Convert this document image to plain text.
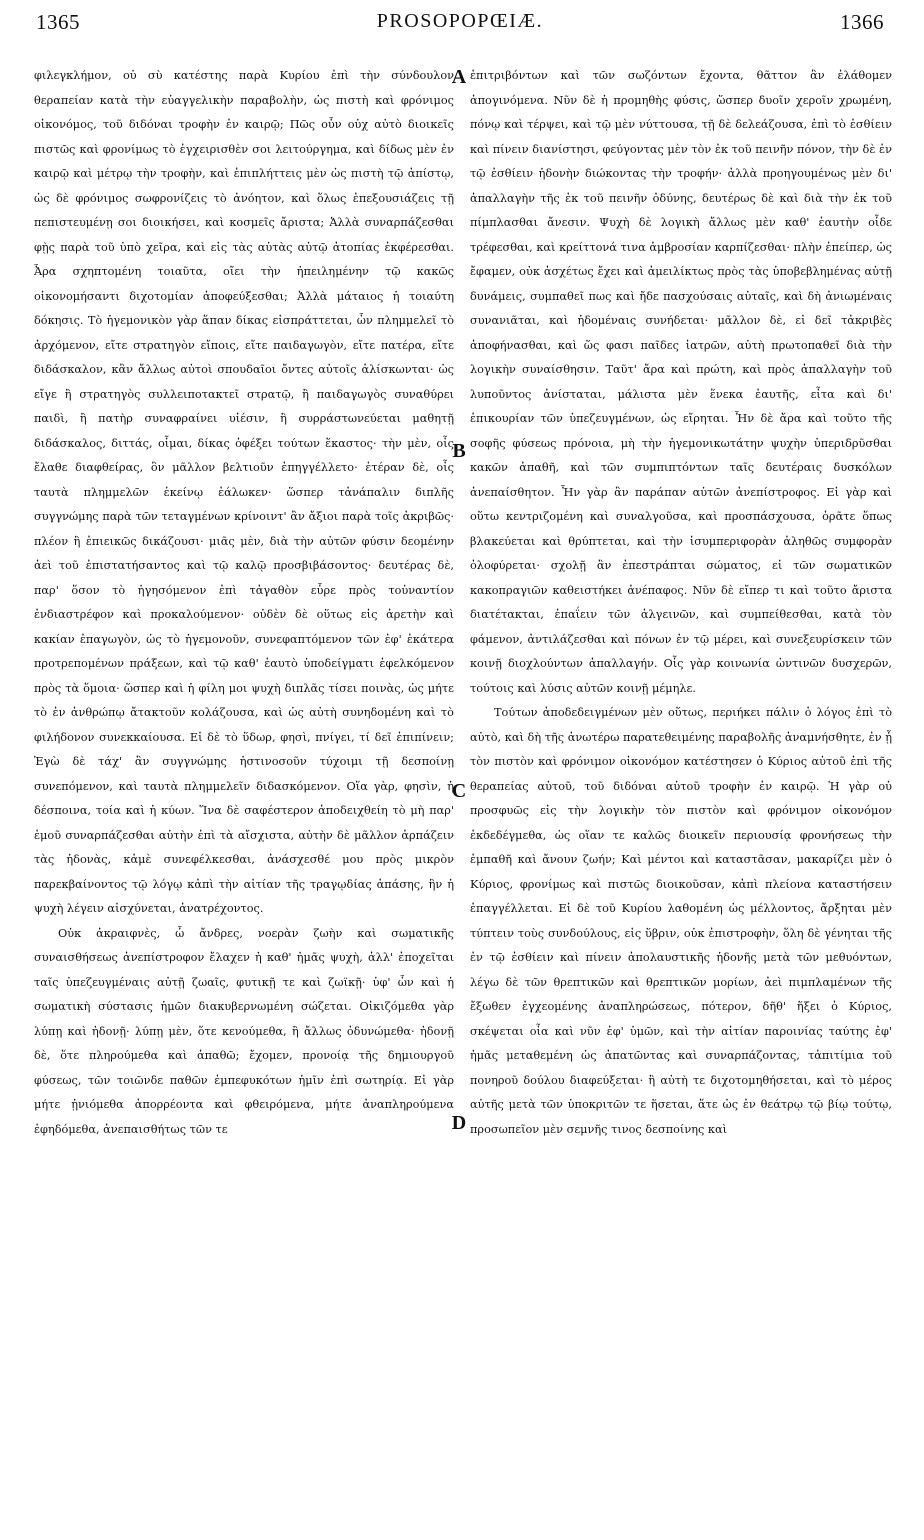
1365	PROSOPOPŒIÆ.	1366

φιλεγκλήμον, οὐ σὺ κατέστης παρὰ Κυρίου ἐπὶ τὴν σύνδουλον θεραπείαν κατὰ τὴν εὐαγγελικὴν παραβολὴν, ὡς πιστὴ καὶ φρόνιμος οἰκονόμος, τοῦ διδόναι τροφὴν ἐν καιρῷ; Πῶς οὖν οὐχ αὐτὸ διοικεῖς πιστῶς καὶ φρονίμως τὸ ἐγχειρισθὲν σοι λειτούργημα, καὶ δίδως μὲν ἐν καιρῷ καὶ μέτρῳ τὴν τροφὴν, καὶ ἐπιπλήττεις μὲν ὡς πιστὴ τῷ ἀπίστῳ, ὡς δὲ φρόνιμος σωφρονίζεις τὸ ἀνόητον, καὶ ὅλως ἐπεξουσιάζεις τῇ πεπιστευμένῃ σοι διοικήσει, καὶ κοσμεῖς ἄριστα; Ἀλλὰ συναρπάζεσθαι φῂς παρὰ τοῦ ὑπὸ χεῖρα, καὶ εἰς τὰς αὐτὰς αὐτῷ ἀτοπίας ἐκφέρεσθαι. Ἆρα σχηπτομένη τοιαῦτα, οἴει τὴν ἠπειλημένην τῷ κακῶς οἰκονομήσαντι διχοτομίαν ἀποφεύξεσθαι; Ἀλλὰ μάταιος ἡ τοιαύτη δόκησις. Τὸ ἡγεμονικὸν γὰρ ἅπαν δίκας εἰσπράττεται, ὧν πλημμελεῖ τὸ ἀρχόμενον, εἴτε στρατηγὸν εἴποις, εἴτε παιδαγωγὸν, εἴτε πατέρα, εἴτε διδάσκαλον, κἂν ἄλλως αὐτοὶ σπουδαῖοι ὄντες αὐτοῖς ἁλίσκωνται· ὡς εἴγε ἢ στρατηγὸς συλλειποτακτεῖ στρατῷ, ἢ παιδαγωγὸς συναθύρει παιδὶ, ἢ πατὴρ συναφραίνει υἱέσιν, ἢ συρράστωνεύεται μαθητῇ διδάσκαλος, διττάς, οἶμαι, δίκας ὀφέξει τούτων ἕκαστος· τὴν μὲν, οἷς ἔλαθε διαφθείρας, ὃν μᾶλλον βελτιοῦν ἐπηγγέλλετο· ἑτέραν δὲ, οἷς ταυτὰ πλημμελῶν ἐκείνῳ ἑάλωκεν· ὥσπερ τἀνάπαλιν διπλῆς συγγνώμης παρὰ τῶν τεταγμένων κρίνοιντ' ἂν ἄξιοι παρὰ τοῖς ἀκριβῶς· πλέον ἢ ἐπιεικῶς δικάζουσι· μιᾶς μὲν, διὰ τὴν αὐτῶν φύσιν δεομένην ἀεὶ τοῦ ἐπιστατήσαντος καὶ τῷ καλῷ προσβιβάσοντος· δευτέρας δὲ, παρ' ὅσον τὸ ἡγησόμενον ἐπὶ τἀγαθὸν εὗρε πρὸς τοὐναντίον ἐνδιαστρέφον καὶ προκαλούμενον· οὐδὲν δὲ οὕτως εἰς ἀρετὴν καὶ κακίαν ἐπαγωγὸν, ὡς τὸ ἡγεμονοῦν, συνεφαπτόμενον τῶν ἐφ' ἑκάτερα προτρεπομένων πράξεων, καὶ τῷ καθ' ἑαυτὸ ὑποδείγματι ἐφελκόμενον πρὸς τὰ ὅμοια· ὥσπερ καὶ ἡ φίλη μοι ψυχὴ διπλᾶς τίσει ποινὰς, ὡς μήτε τὸ ἐν ἀνθρώπῳ ἄτακτοῦν κολάζουσα, καὶ ὡς αὐτὴ συνηδομένη καὶ τὸ φιλήδονον συνεκκαίουσα. Εἰ δὲ τὸ ὕδωρ, φησὶ, πνίγει, τί δεῖ ἐπιπίνειν; Ἐγὼ δὲ τάχ' ἂν συγγνώμης ἡστινοσοῦν τύχοιμι τῇ δεσποίνῃ συνεπόμενον, καὶ ταυτὰ πλημμελεῖν διδασκόμενον. Οἵα γὰρ, φησὶν, ἡ δέσποινα, τοία καὶ ἡ κύων. Ἵνα δὲ σαφέστερον ἀποδειχθείη τὸ μὴ παρ' ἐμοῦ συναρπάζεσθαι αὐτὴν ἐπὶ τὰ αἴσχιστα, αὐτὴν δὲ μᾶλλον ἁρπάζειν τὰς ἡδονὰς, κἀμὲ συνεφέλκεσθαι, ἀνάσχεσθέ μου πρὸς μικρὸν παρεκβαίνοντος τῷ λόγῳ κἀπὶ τὴν αἰτίαν τῆς τραγῳδίας ἁπάσης, ἣν ἡ ψυχὴ λέγειν αἰσχύνεται, ἀνατρέχοντος.

Οὐκ ἀκραιφνὲς, ὦ ἄνδρες, νοερὰν ζωὴν καὶ σωματικῆς συναισθήσεως ἀνεπίστροφον ἔλαχεν ἡ καθ' ἡμᾶς ψυχὴ, ἀλλ' ἐποχεῖται ταῖς ὑπεζευγμέναις αὐτῇ ζωαῖς, φυτικῇ τε καὶ ζωϊκῇ· ὑφ' ὧν καὶ ἡ σωματικὴ σύστασις ἡμῶν διακυβερνωμένη σώζεται. Οἰκιζόμεθα γὰρ λύπῃ καὶ ἡδονῇ· λύπῃ μὲν, ὅτε κενούμεθα, ἢ ἄλλως ὀδυνώμεθα· ἡδονῇ δὲ, ὅτε πληρούμεθα καὶ ἀπαθῶ; ἔχομεν, προνοίᾳ τῆς δημιουργοῦ φύσεως, τῶν τοιῶνδε παθῶν ἐμπεφυκότων ἡμῖν ἐπὶ σωτηρίᾳ. Εἰ γὰρ μήτε ᾐνιόμεθα ἀπορρέοντα καὶ φθειρόμενα, μήτε ἀναπληρούμενα ἐφηδόμεθα, ἀνεπαισθήτως τῶν τε

A
B
C
D

ἐπιτριβόντων καὶ τῶν σωζόντων ἔχοντα, θᾶττον ἂν ἐλάθομεν ἀπογινόμενα. Νῦν δὲ ἡ προμηθὴς φύσις, ὥσπερ δυοῖν χεροῖν χρωμένη, πόνῳ καὶ τέρψει, καὶ τῷ μὲν νύττουσα, τῇ δὲ δελεάζουσα, ἐπὶ τὸ ἐσθίειν καὶ πίνειν διανίστησι, φεύγοντας μὲν τὸν ἐκ τοῦ πεινῆν πόνον, τὴν δὲ ἐν τῷ ἐσθίειν ἡδονὴν διώκοντας τὴν τροφήν· ἀλλὰ προηγουμένως μὲν δι' ἀπαλλαγὴν τῆς ἐκ τοῦ πεινῆν ὀδύνης, δευτέρως δὲ καὶ διὰ τὴν ἐκ τοῦ πίμπλασθαι ἄνεσιν. Ψυχὴ δὲ λογικὴ ἄλλως μὲν καθ' ἑαυτὴν οἶδε τρέφεσθαι, καὶ κρείττονά τινα ἀμβροσίαν καρπίζεσθαι· πλὴν ἐπείπερ, ὡς ἔφαμεν, οὐκ ἀσχέτως ἔχει καὶ ἀμειλίκτως πρὸς τὰς ὑποβεβλημένας αὐτῇ δυνάμεις, συμπαθεῖ πως καὶ ἤδε πασχούσαις αὐταῖς, καὶ δὴ ἀνιωμέναις συνανιᾶται, καὶ ἡδομέναις συνήδεται· μᾶλλον δὲ, εἰ δεῖ τἀκριβὲς ἀποφήνασθαι, καὶ ὥς φασι παῖδες ἰατρῶν, αὐτὴ πρωτοπαθεῖ διὰ τὴν λογικὴν συναίσθησιν. Ταῦτ' ἄρα καὶ πρώτη, καὶ πρὸς ἀπαλλαγὴν τοῦ λυποῦντος ἀνίσταται, μάλιστα μὲν ἕνεκα ἑαυτῆς, εἶτα καὶ δι' ἐπικουρίαν τῶν ὑπεζευγμένων, ὡς εἴρηται. Ἦν δὲ ἄρα καὶ τοῦτο τῆς σοφῆς φύσεως πρόνοια, μὴ τὴν ἡγεμονικωτάτην ψυχὴν ὑπεριδρῦσθαι κακῶν ἀπαθῆ, καὶ τῶν συμπιπτόντων ταῖς δευτέραις δυσκόλων ἀνεπαίσθητον. Ἦν γὰρ ἂν παράπαν αὐτῶν ἀνεπίστροφος. Εἰ γὰρ καὶ οὕτω κεντριζομένη καὶ συναλγοῦσα, καὶ προσπάσχουσα, ὁρᾶτε ὅπως βλακεύεται καὶ θρύπτεται, καὶ τὴν ἰσυμπεριφορὰν ἀληθῶς συμφορὰν ὀλοφύρεται· σχολῇ ἂν ἐπεστράπται σώματος, εἰ τῶν σωματικῶν κακοπραγιῶν καθειστήκει ἀνέπαφος. Νῦν δὲ εἴπερ τι καὶ τοῦτο ἄριστα διατέτακται, ἐπαΐειν τῶν ἀλγεινῶν, καὶ συμπείθεσθαι, κατὰ τὸν φάμενον, ἀντιλάζεσθαι καὶ πόνων ἐν τῷ μέρει, καὶ συνεξευρίσκειν τῶν κοινῇ διοχλούντων ἀπαλλαγήν. Οἷς γὰρ κοινωνία ὡντινῶν δυσχερῶν, τούτοις καὶ λύσις αὐτῶν κοινῇ μέμηλε.

Τούτων ἀποδεδειγμένων μὲν οὕτως, περιήκει πάλιν ὁ λόγος ἐπὶ τὸ αὐτὸ, καὶ δὴ τῆς ἀνωτέρω παρατεθειμένης παραβολῆς ἀναμνήσθητε, ἐν ᾗ τὸν πιστὸν καὶ φρόνιμον οἰκονόμον κατέστησεν ὁ Κύριος αὐτοῦ ἐπὶ τῆς θεραπείας αὐτοῦ, τοῦ διδόναι αὐτοῦ τροφὴν ἐν καιρῷ. Ἡ γὰρ οὐ προσφυῶς εἰς τὴν λογικὴν τὸν πιστὸν καὶ φρόνιμον οἰκονόμον ἐκδεδέγμεθα, ὡς οἵαν τε καλῶς διοικεῖν περιουσίᾳ φρονήσεως τὴν ἐμπαθῆ καὶ ἄνουν ζωήν; Καὶ μέντοι καὶ καταστᾶσαν, μακαρίζει μὲν ὁ Κύριος, φρονίμως καὶ πιστῶς διοικοῦσαν, κἀπὶ πλείονα καταστήσειν ἐπαγγέλλεται. Εἰ δὲ τοῦ Κυρίου λαθομένη ὡς μέλλοντος, ἄρξηται μὲν τύπτειν τοὺς συνδούλους, εἰς ὕβριν, οὐκ ἐπιστροφὴν, ὅλη δὲ γένηται τῆς ἐν τῷ ἐσθίειν καὶ πίνειν ἀπολαυστικῆς ἡδονῆς μετὰ τῶν μεθυόντων, λέγω δὲ τῶν θρεπτικῶν καὶ θρεπτικῶν μορίων, ἀεὶ πιμπλαμένων τῆς ἔξωθεν ἐγχεομένης ἀναπληρώσεως, πότερον, δῆθ' ἥξει ὁ Κύριος, σκέψεται οἷα καὶ νῦν ἐφ' ὑμῶν, καὶ τὴν αἰτίαν παροινίας ταύτης ἐφ' ἡμᾶς μεταθεμένη ὡς ἀπατῶντας καὶ συναρπάζοντας, τἀπιτίμια τοῦ πονηροῦ δούλου διαφεύξεται· ἢ αὐτὴ τε διχοτομηθήσεται, καὶ τὸ μέρος αὐτῆς μετὰ τῶν ὑποκριτῶν τε ἥσεται, ἅτε ὡς ἐν θεάτρῳ τῷ βίῳ τούτῳ, προσωπεῖον μὲν σεμνῆς τινος δεσποίνης καὶ
